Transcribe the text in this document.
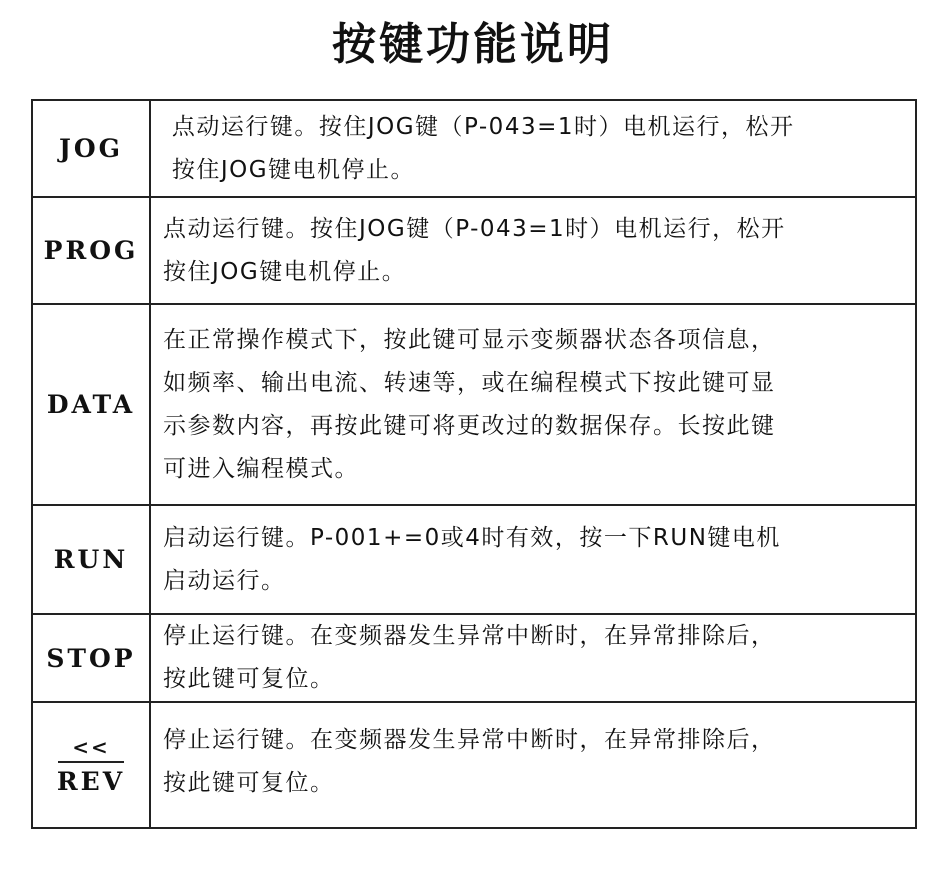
按键功能说明
JOG
点动运行键。按住JOG键（P-043=1时）电机运行，松开
按住JOG键电机停止。
PROG
点动运行键。按住JOG键（P-043=1时）电机运行，松开
按住JOG键电机停止。
DATA
在正常操作模式下，按此键可显示变频器状态各项信息，
如频率、输出电流、转速等，或在编程模式下按此键可显
示参数内容，再按此键可将更改过的数据保存。长按此键
可进入编程模式。
RUN
启动运行键。P-001+=0或4时有效，按一下RUN键电机
启动运行。
STOP
停止运行键。在变频器发生异常中断时，在异常排除后，
按此键可复位。
<<
REV
停止运行键。在变频器发生异常中断时，在异常排除后，
按此键可复位。
